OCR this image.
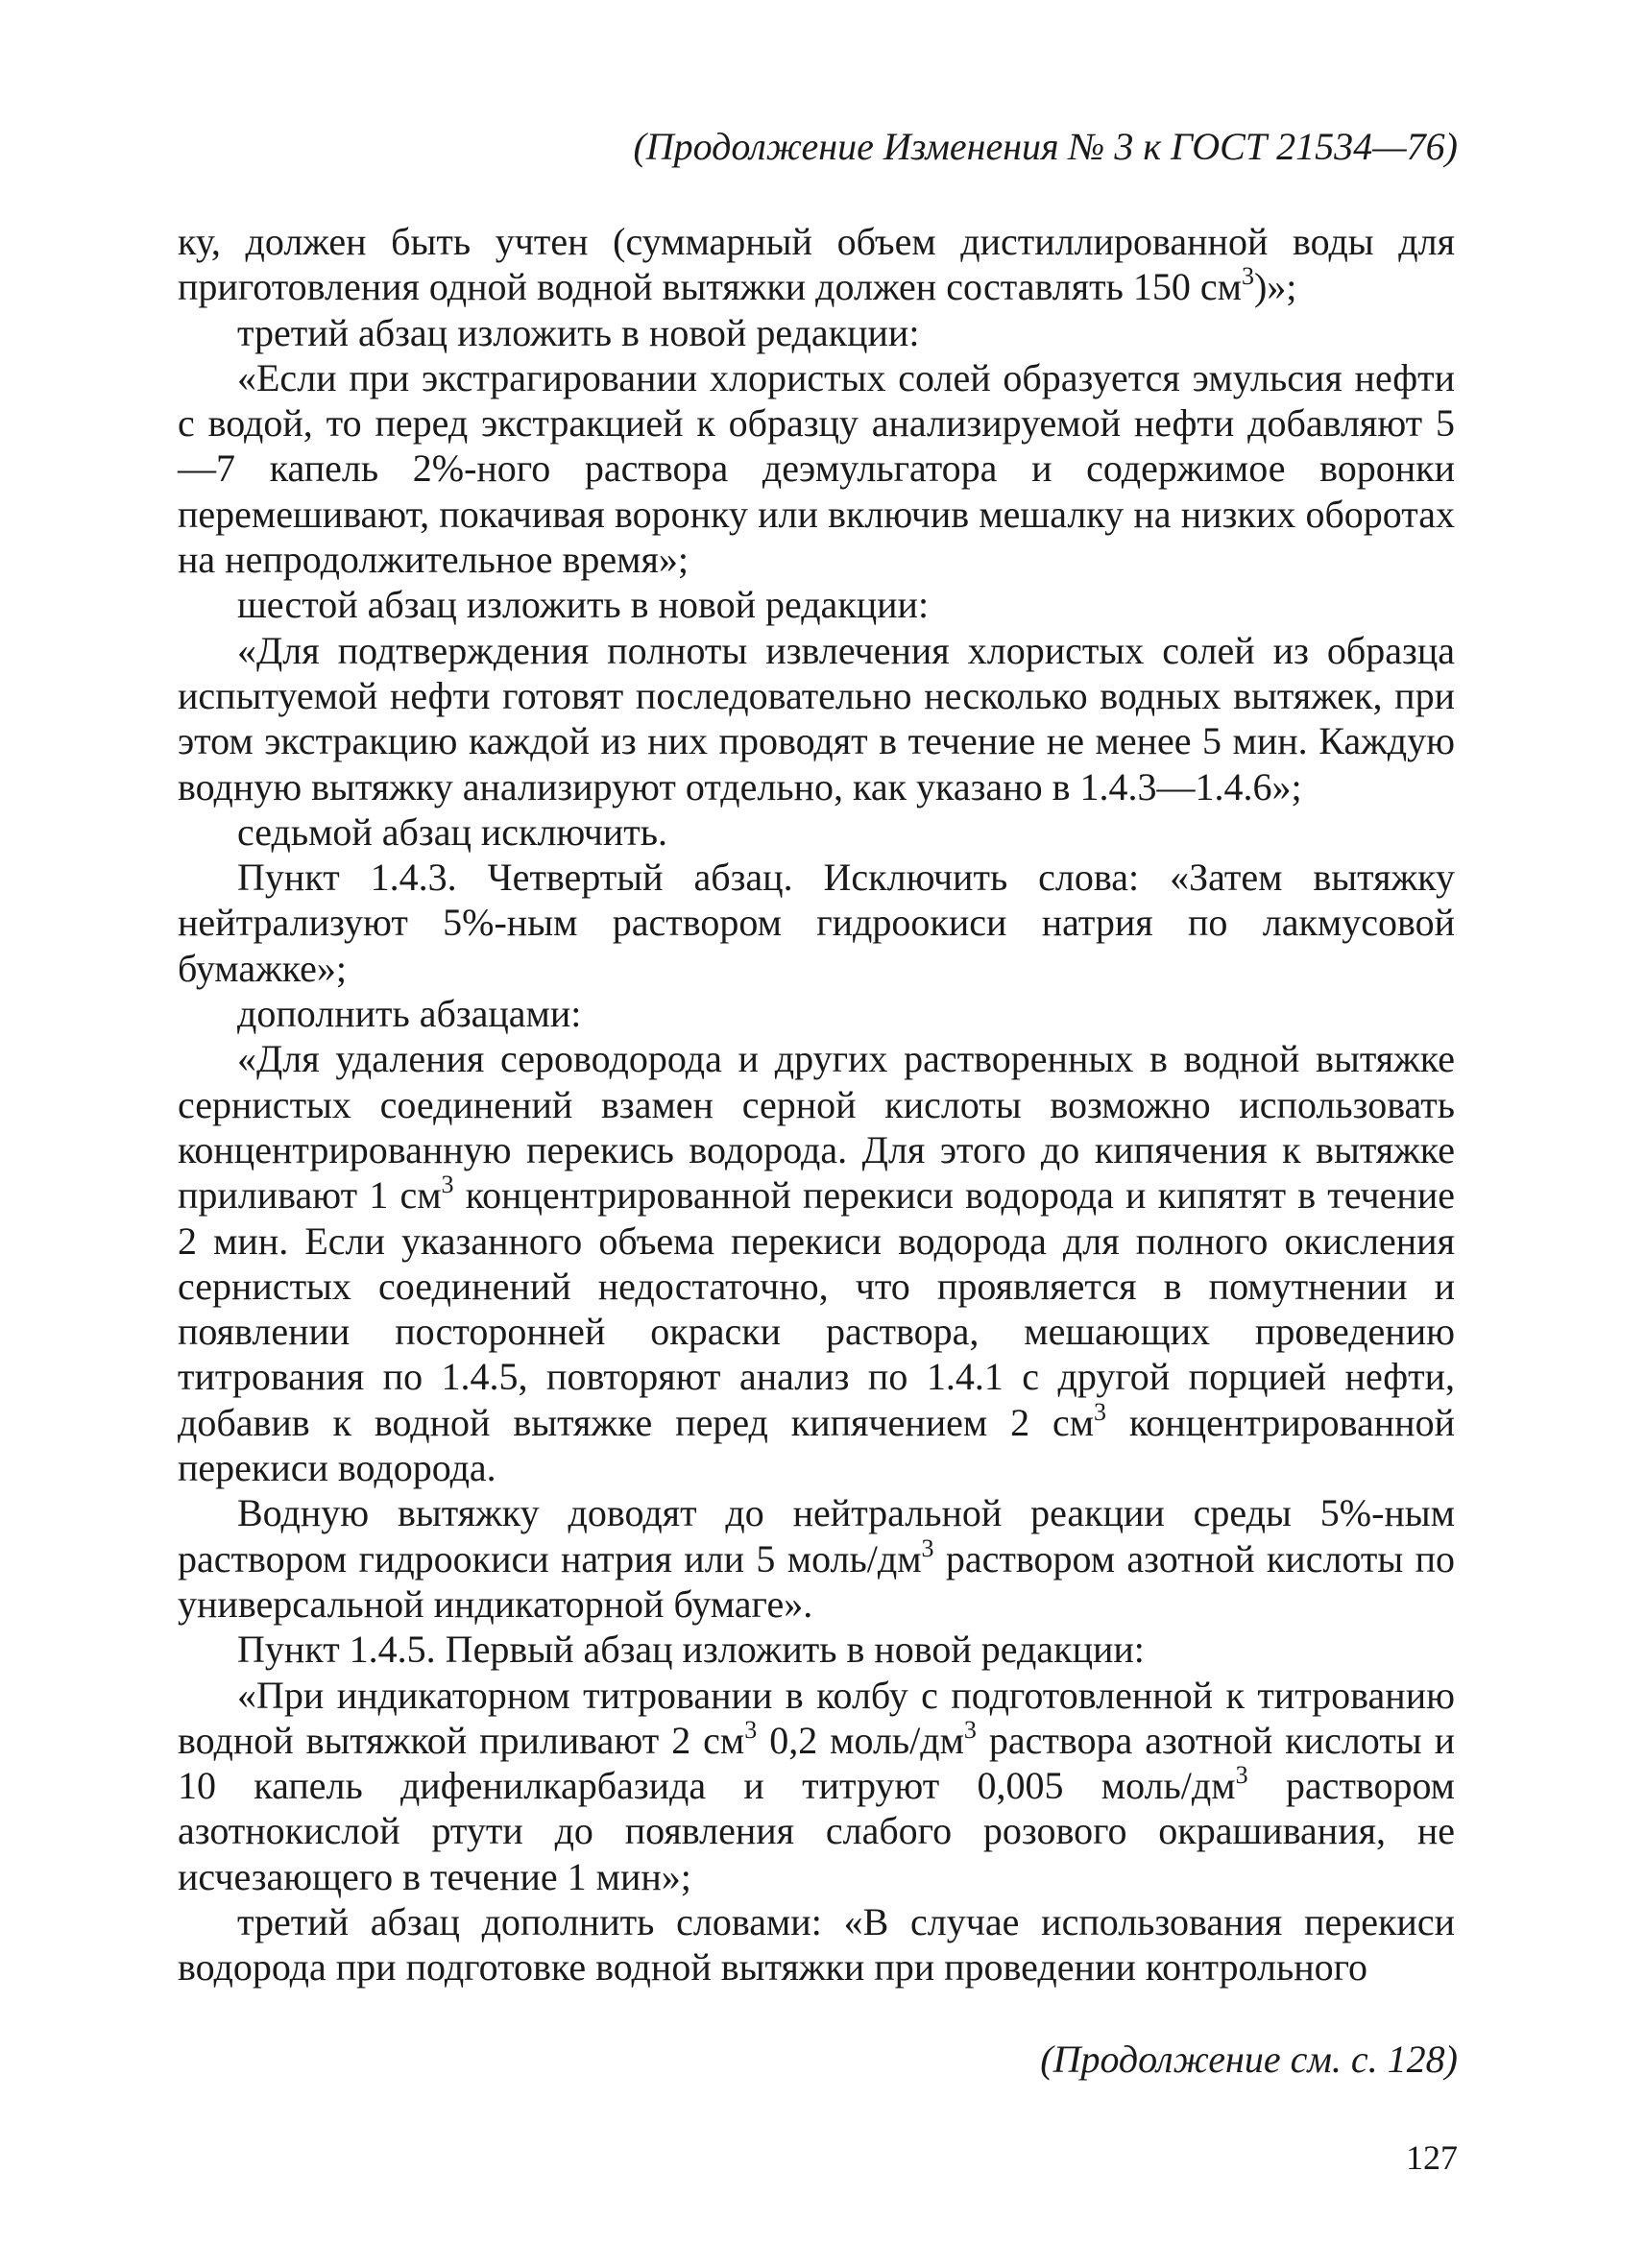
(Продолжение Изменения № 3 к ГОСТ 21534—76)

ку, должен быть учтен (суммарный объем дистиллированной воды для приготовления одной водной вытяжки должен составлять 150 $см^3$)»;

третий абзац изложить в новой редакции:

«Если при экстрагировании хлористых солей образуется эмульсия нефти с водой, то перед экстракцией к образцу анализируемой нефти добавляют 5—7 капель 2%-ного раствора деэмульгатора и содержимое воронки перемешивают, покачивая воронку или включив мешалку на низких оборотах на непродолжительное время»;

шестой абзац изложить в новой редакции:

«Для подтверждения полноты извлечения хлористых солей из образца испытуемой нефти готовят последовательно несколько водных вытяжек, при этом экстракцию каждой из них проводят в течение не менее 5 мин. Каждую водную вытяжку анализируют отдельно, как указано в 1.4.3—1.4.6»;

седьмой абзац исключить.

Пункт 1.4.3. Четвертый абзац. Исключить слова: «Затем вытяжку нейтрализуют 5%-ным раствором гидроокиси натрия по лакмусовой бумажке»;

дополнить абзацами:

«Для удаления сероводорода и других растворенных в водной вытяжке сернистых соединений взамен серной кислоты возможно использовать концентрированную перекись водорода. Для этого до кипячения к вытяжке приливают 1 $см^3$ концентрированной перекиси водорода и кипятят в течение 2 мин. Если указанного объема перекиси водорода для полного окисления сернистых соединений недостаточно, что проявляется в помутнении и появлении посторонней окраски раствора, мешающих проведению титрования по 1.4.5, повторяют анализ по 1.4.1 с другой порцией нефти, добавив к водной вытяжке перед кипячением 2 $см^3$ концентрированной перекиси водорода.

Водную вытяжку доводят до нейтральной реакции среды 5%-ным раствором гидроокиси натрия или 5 моль/$дм^3$ раствором азотной кислоты по универсальной индикаторной бумаге».

Пункт 1.4.5. Первый абзац изложить в новой редакции:

«При индикаторном титровании в колбу с подготовленной к титрованию водной вытяжкой приливают 2 $см^3$ 0,2 моль/$дм^3$ раствора азотной кислоты и 10 капель дифенилкарбазида и титруют 0,005 моль/$дм^3$ раствором азотнокислой ртути до появления слабого розового окрашивания, не исчезающего в течение 1 мин»;

третий абзац дополнить словами: «В случае использования перекиси водорода при подготовке водной вытяжки при проведении контрольного

(Продолжение см. с. 128)
127
